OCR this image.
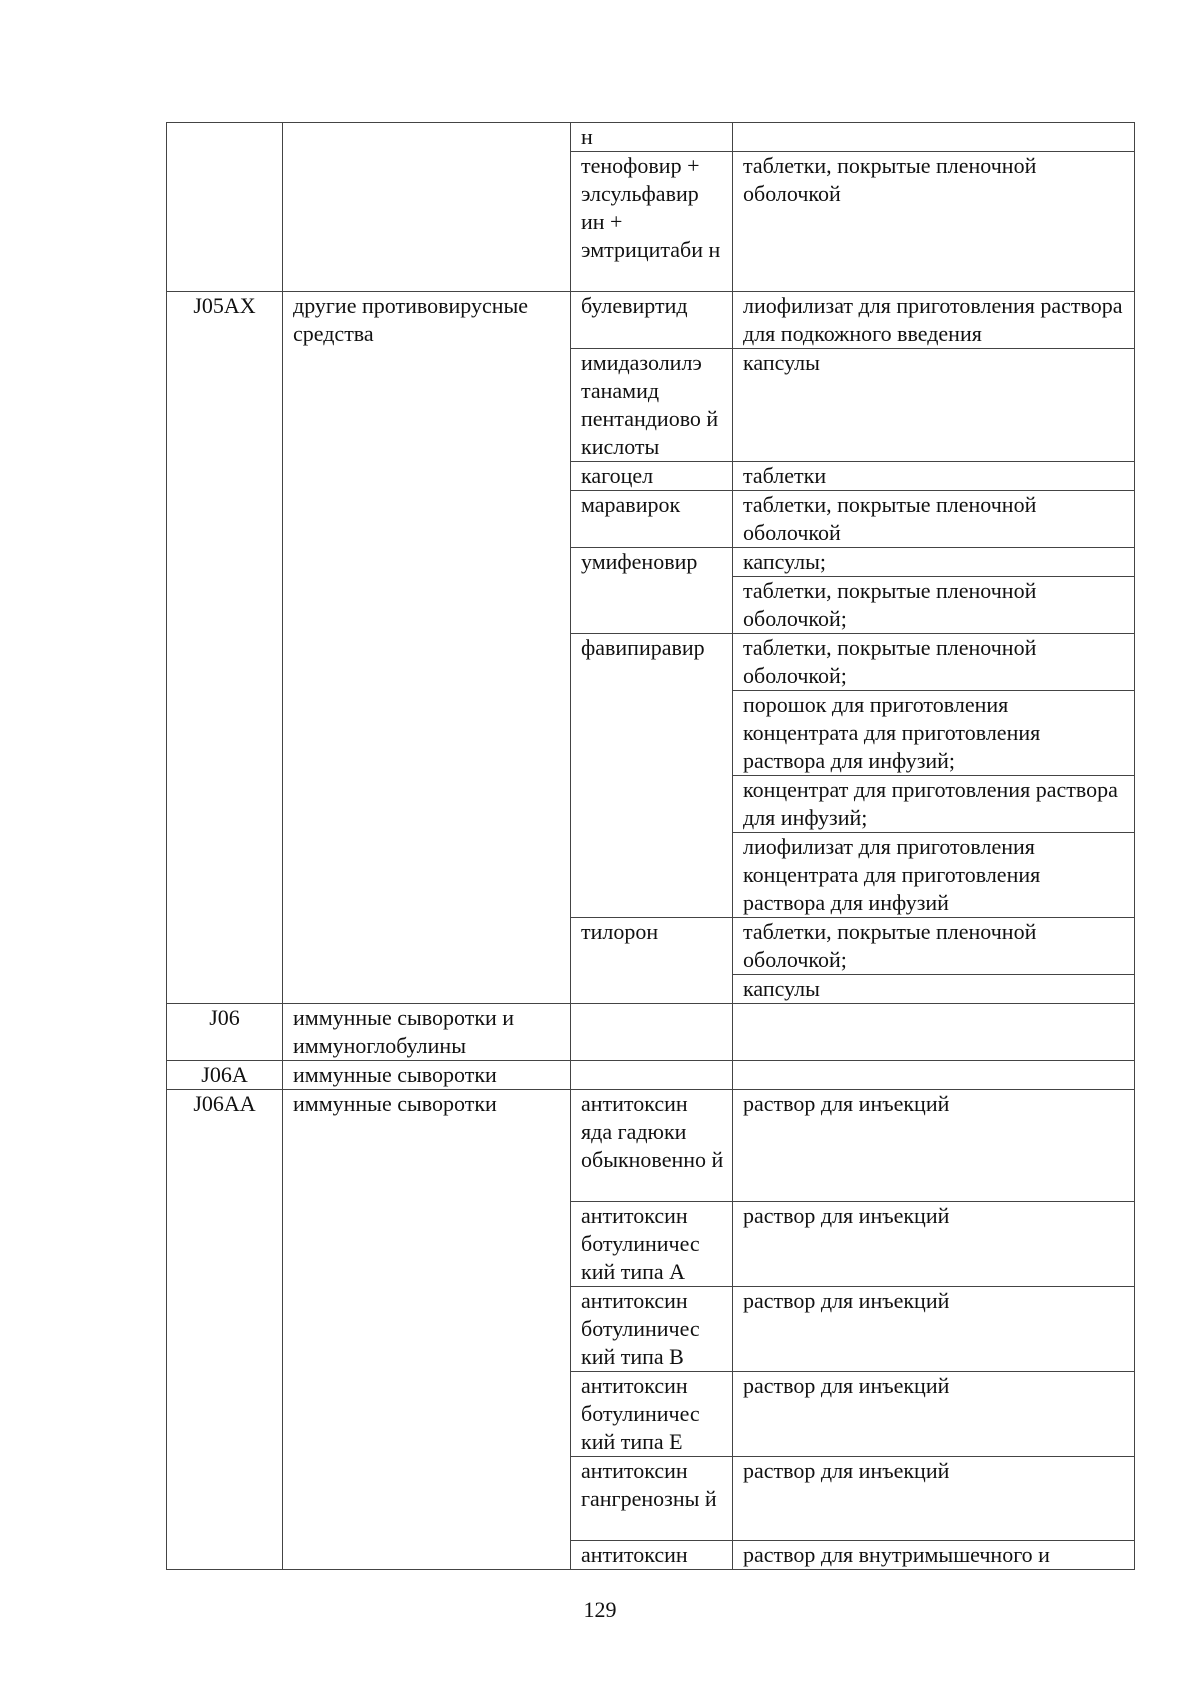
		н	
		тенофовир + элсульфавир ин + эмтрицитаби н	таблетки, покрытые пленочной оболочкой
J05AX	другие противовирусные средства	булевиртид	лиофилизат для приготовления раствора для подкожного введения
		имидазолилэ танамид пентандиово й кислоты	капсулы
		кагоцел	таблетки
		маравирок	таблетки, покрытые пленочной оболочкой
		умифеновир	капсулы;
			таблетки, покрытые пленочной оболочкой;
		фавипиравир	таблетки, покрытые пленочной оболочкой;
			порошок для приготовления концентрата для приготовления раствора для инфузий;
			концентрат для приготовления раствора для инфузий;
			лиофилизат для приготовления концентрата для приготовления раствора для инфузий
		тилорон	таблетки, покрытые пленочной оболочкой;
			капсулы
J06	иммунные сыворотки и иммуноглобулины		
J06A	иммунные сыворотки		
J06AA	иммунные сыворотки	антитоксин яда гадюки обыкновенно й	раствор для инъекций
		антитоксин ботулиничес кий типа A	раствор для инъекций
		антитоксин ботулиничес кий типа B	раствор для инъекций
		антитоксин ботулиничес кий типа E	раствор для инъекций
		антитоксин гангренозны й	раствор для инъекций
		антитоксин	раствор для внутримышечного и
129
